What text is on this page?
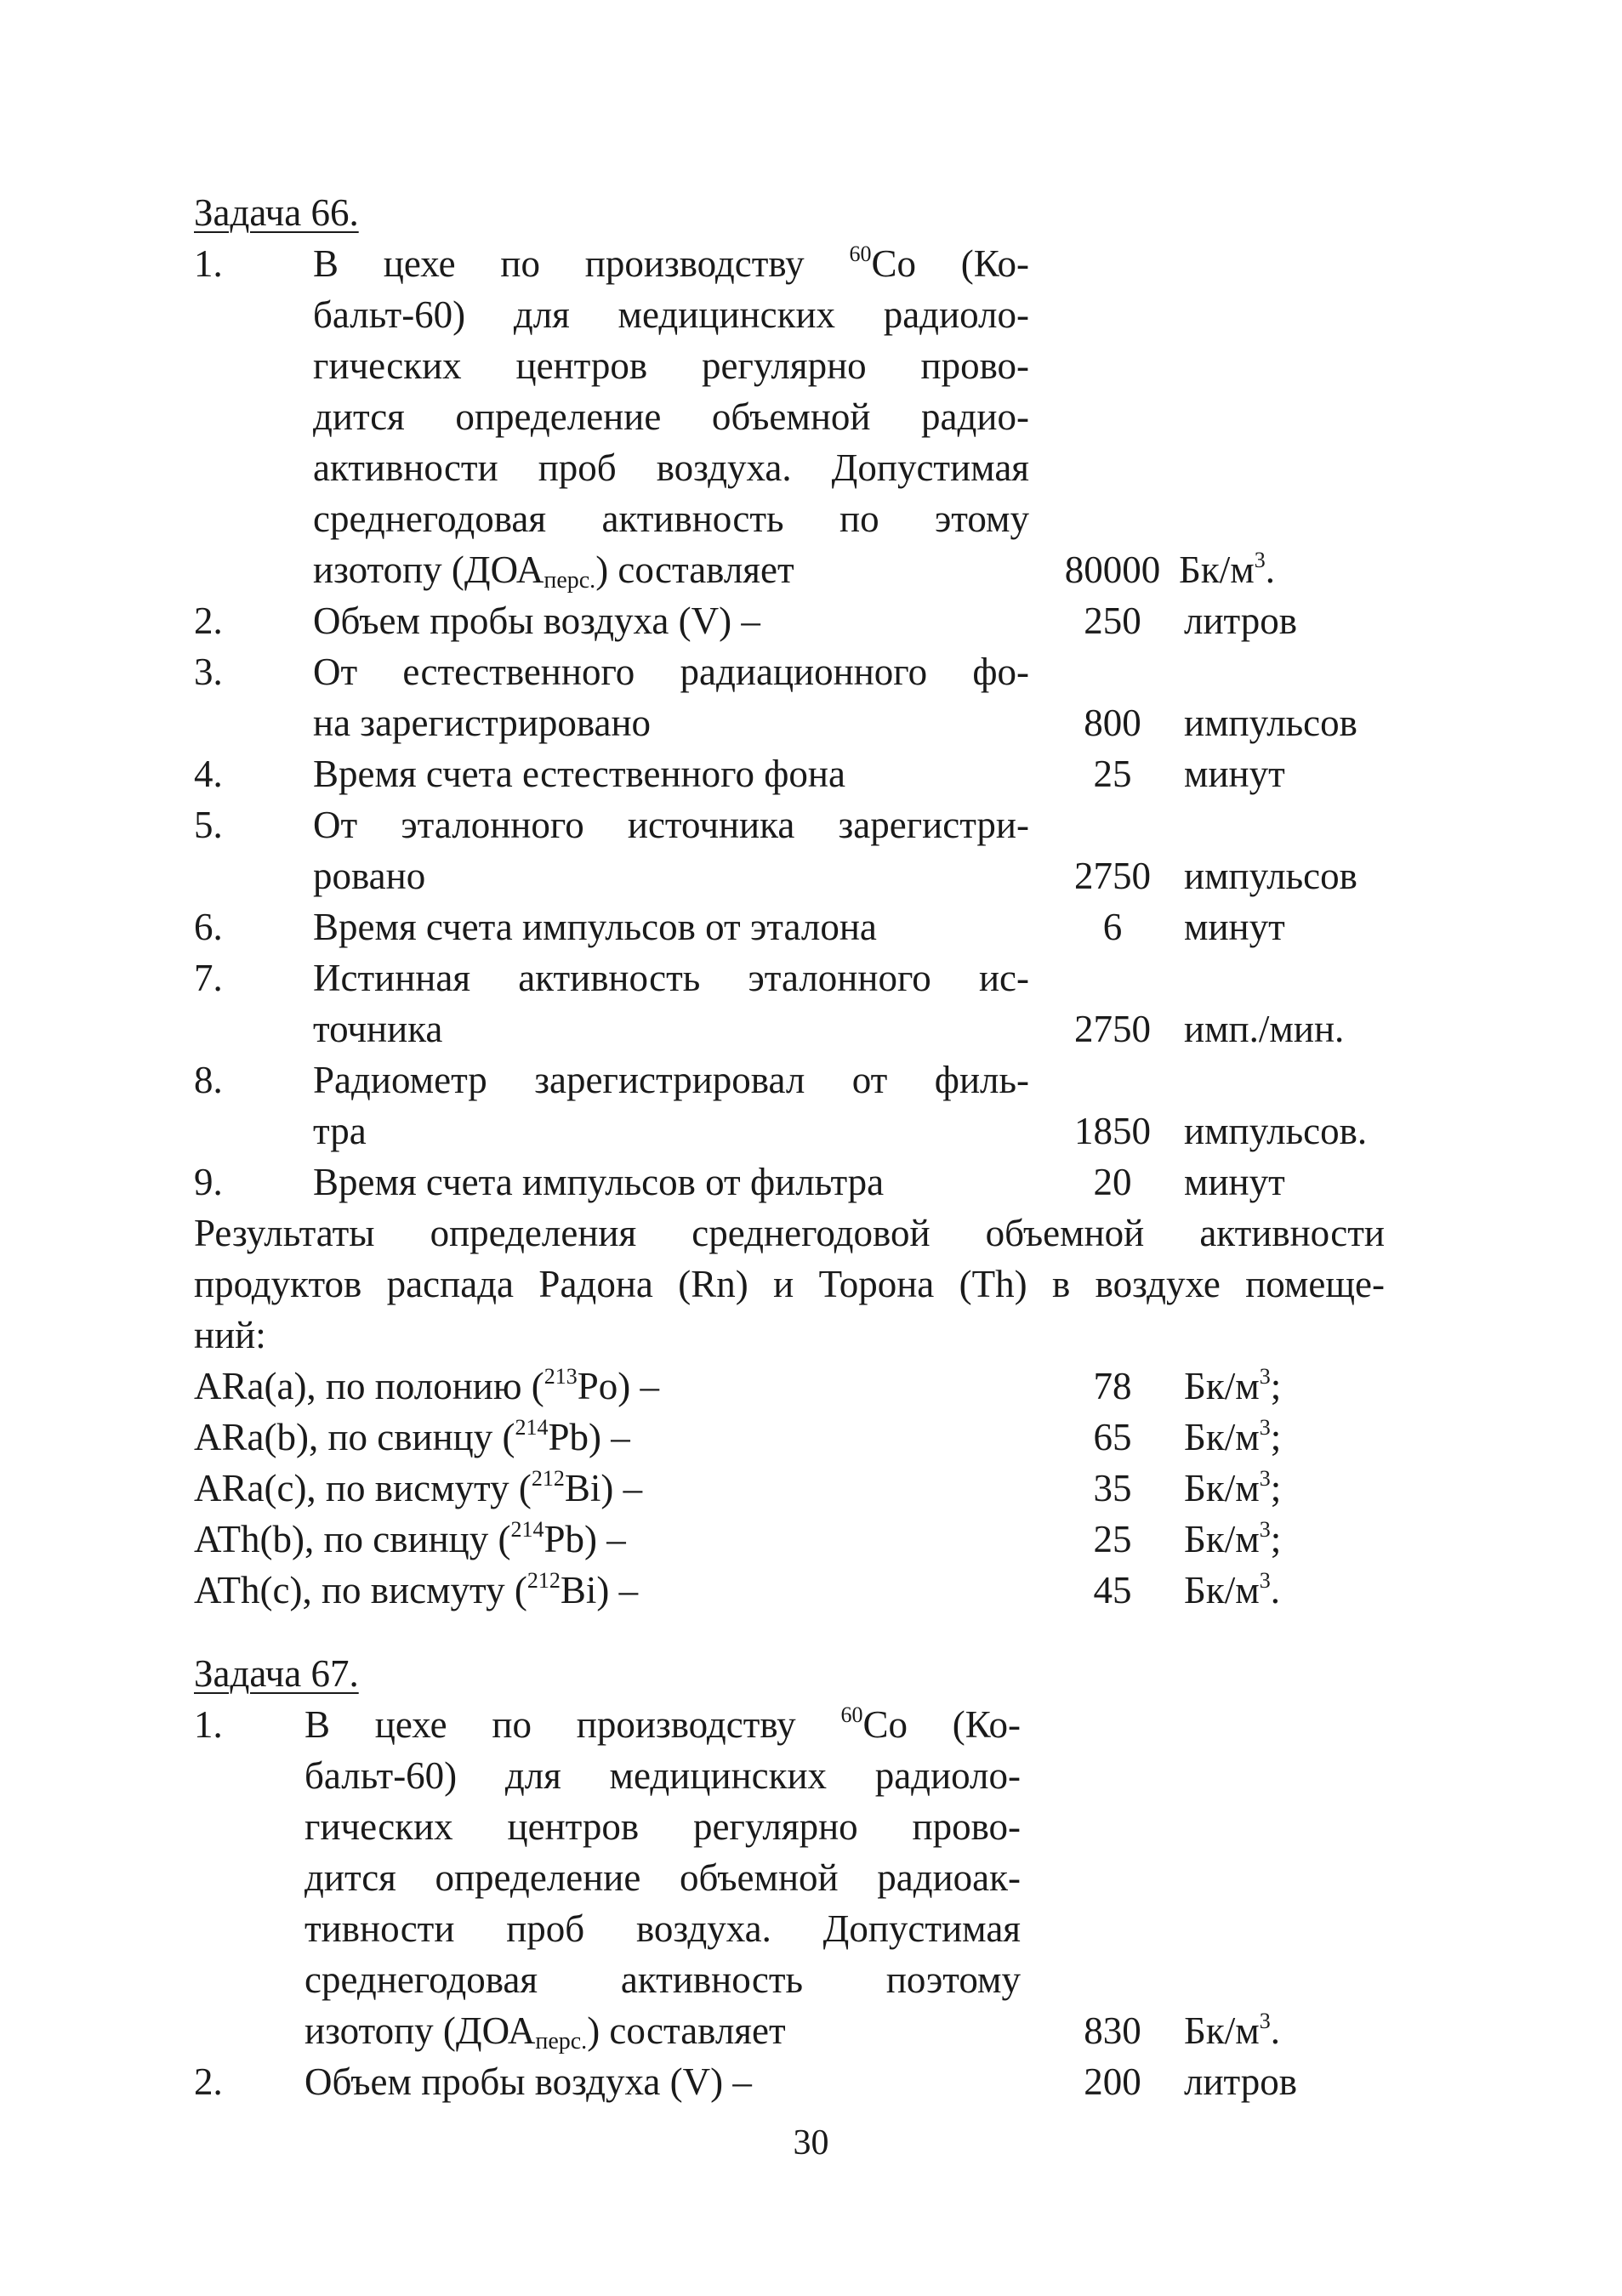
Задача 66.
1. В цехе по производству $^{60}$Со (Ко-
бальт-60) для медицинских радиоло-
гических центров регулярно прово-
дится определение объемной радио-
активности проб воздуха. Допустимая
среднегодовая активность по этому
изотопу $(ДОА_{перс.})$ составляет	80000 $Бк/м^3$.
2. Объем пробы воздуха (V) –	250	литров
3. От естественного радиационного фо-
на зарегистрировано	800	импульсов
4. Время счета естественного фона	25	минут
5. От эталонного источника зарегистри-
ровано	2750 импульсов
6. Время счета импульсов от эталона	6	минут
7. Истинная активность эталонного ис-
точника	2750 имп./мин.
8. Радиометр зарегистрировал от филь-
тра	1850 импульсов.
9. Время счета импульсов от фильтра	20	минут
Результаты определения среднегодовой объемной активности
продуктов распада Радона (Rn) и Торона (Th) в воздухе помеще-
ний:
ARa(a), по полонию ($^{213}$Po) –	78	$Бк/м^3$;
ARa(b), по свинцу ($^{214}$Pb) –	65	$Бк/м^3$;
ARa(c), по висмуту ($^{212}$Bi) –	35	$Бк/м^3$;
ATh(b), по свинцу ($^{214}$Pb) –	25	$Бк/м^3$;
ATh(c), по висмуту ($^{212}$Bi) –	45	$Бк/м^3$.
Задача 67.
1. В цехе по производству $^{60}$Со (Ко-
бальт-60) для медицинских радиоло-
гических центров регулярно прово-
дится определение объемной радиоак-
тивности проб воздуха. Допустимая
среднегодовая активность поэтому
изотопу $(ДОА_{перс.})$ составляет	830	$Бк/м^3$.
2. Объем пробы воздуха (V) –	200	литров
30
